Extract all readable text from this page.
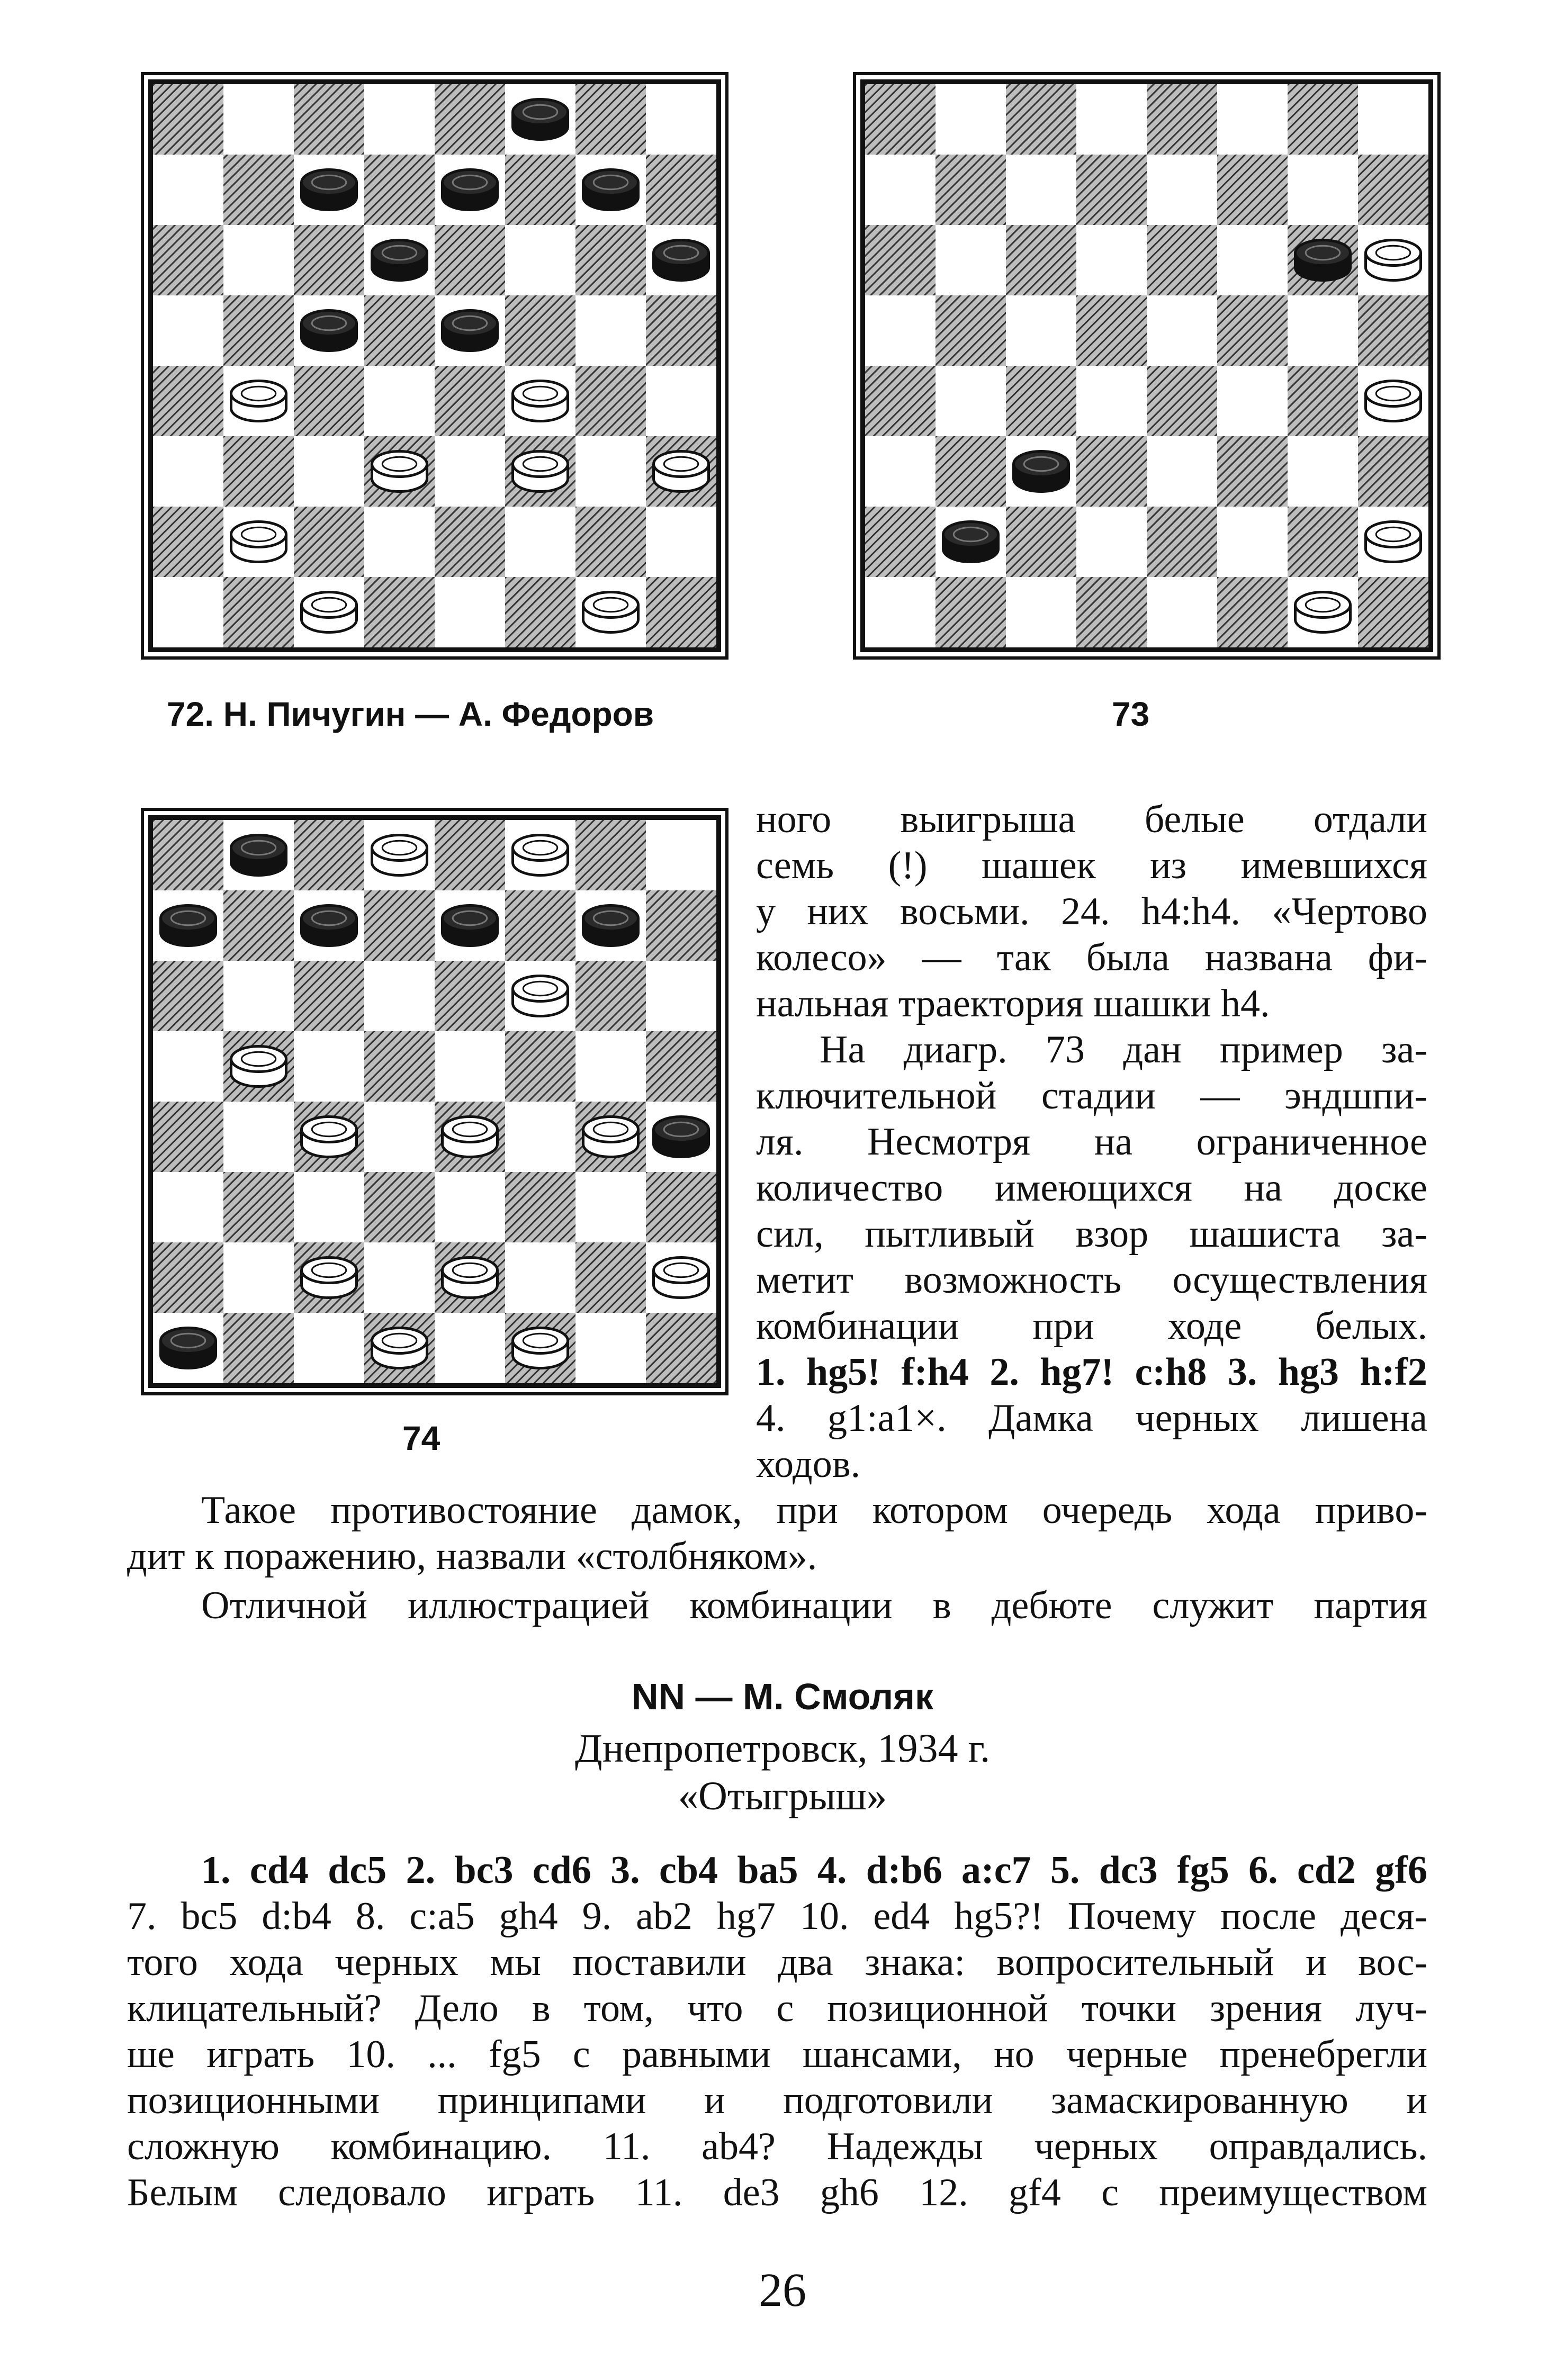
72. Н. Пичугин — А. Федоров	73
74
ного выигрыша белые отдали
семь (!) шашек из имевшихся
у них восьми. 24. h4:h4. «Чертово
колесо» — так была названа фи-
нальная траектория шашки h4.
На диагр. 73 дан пример за-
ключительной стадии — эндшпи-
ля. Несмотря на ограниченное
количество имеющихся на доске
сил, пытливый взор шашиста за-
метит возможность осуществления
комбинации при ходе белых.
1. hg5! f:h4 2. hg7! c:h8 3. hg3 h:f2
4. g1:a1×. Дамка черных лишена
ходов.
Такое противостояние дамок, при котором очередь хода приво-
дит к поражению, назвали «столбняком».
Отличной иллюстрацией комбинации в дебюте служит партия
NN — М. Смоляк
Днепропетровск, 1934 г.
«Отыгрыш»
1. cd4 dc5 2. bc3 cd6 3. cb4 ba5 4. d:b6 a:c7 5. dc3 fg5 6. cd2 gf6
7. bc5 d:b4 8. c:a5 gh4 9. ab2 hg7 10. ed4 hg5?! Почему после деся-
того хода черных мы поставили два знака: вопросительный и вос-
клицательный? Дело в том, что с позиционной точки зрения луч-
ше играть 10. ... fg5 с равными шансами, но черные пренебрегли
позиционными принципами и подготовили замаскированную и
сложную комбинацию. 11. ab4? Надежды черных оправдались.
Белым следовало играть 11. de3 gh6 12. gf4 с преимуществом
26
